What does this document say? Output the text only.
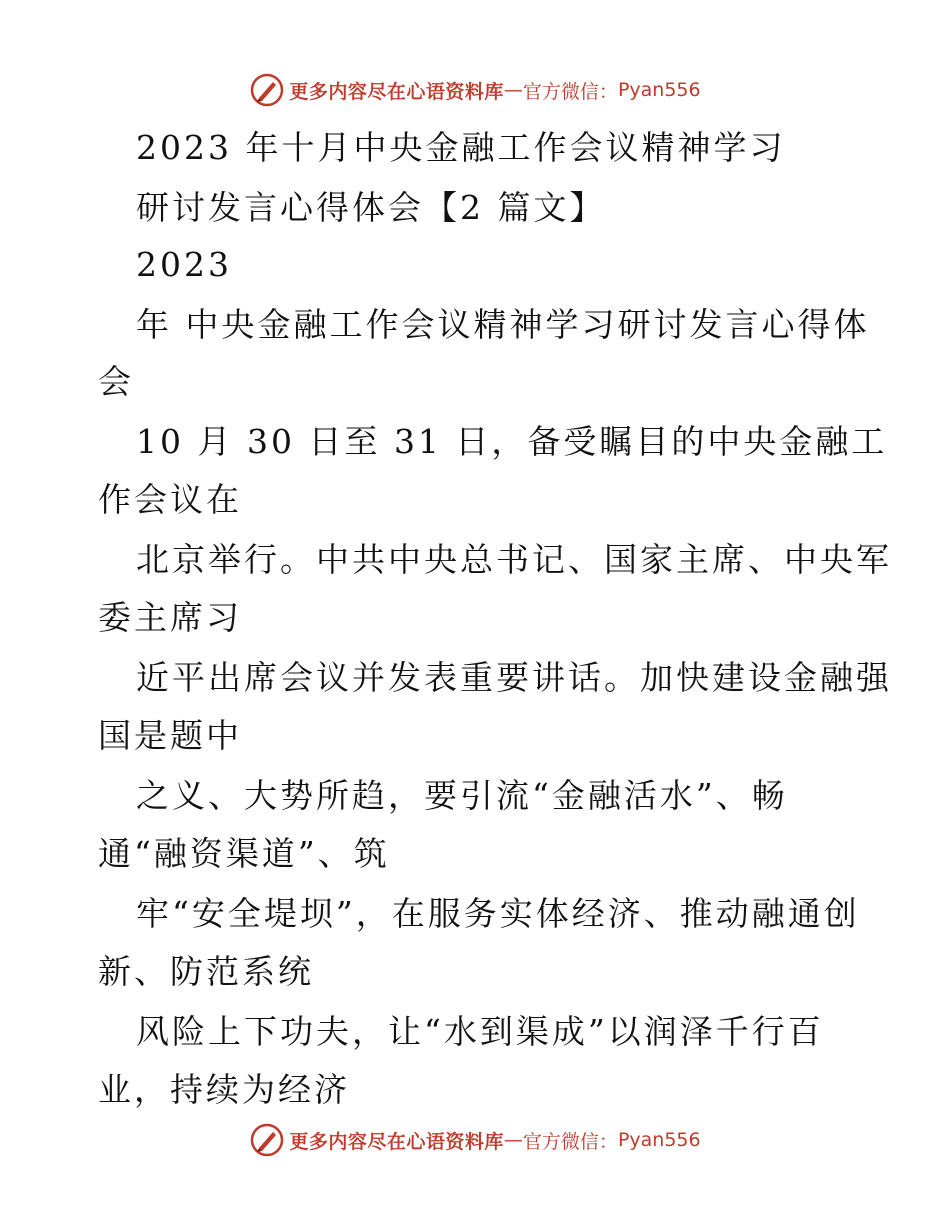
更多内容尽在心语资料库 — 官方微信： Pyan556
2023 年十月中央金融工作会议精神学习
研讨发言心得体会【2 篇文】
2023
年 中央金融工作会议精神学习研讨发言心得体
会
10 月 30 日至 31 日，备受瞩目的中央金融工
作会议在
北京举行。中共中央总书记、国家主席、中央军
委主席习
近平出席会议并发表重要讲话。加快建设金融强
国是题中
之义、大势所趋，要引流“金融活水”、畅
通“融资渠道”、筑
牢“安全堤坝”，在服务实体经济、推动融通创
新、防范系统
风险上下功夫，让“水到渠成”以润泽千行百
业，持续为经济
更多内容尽在心语资料库 — 官方微信： Pyan556
